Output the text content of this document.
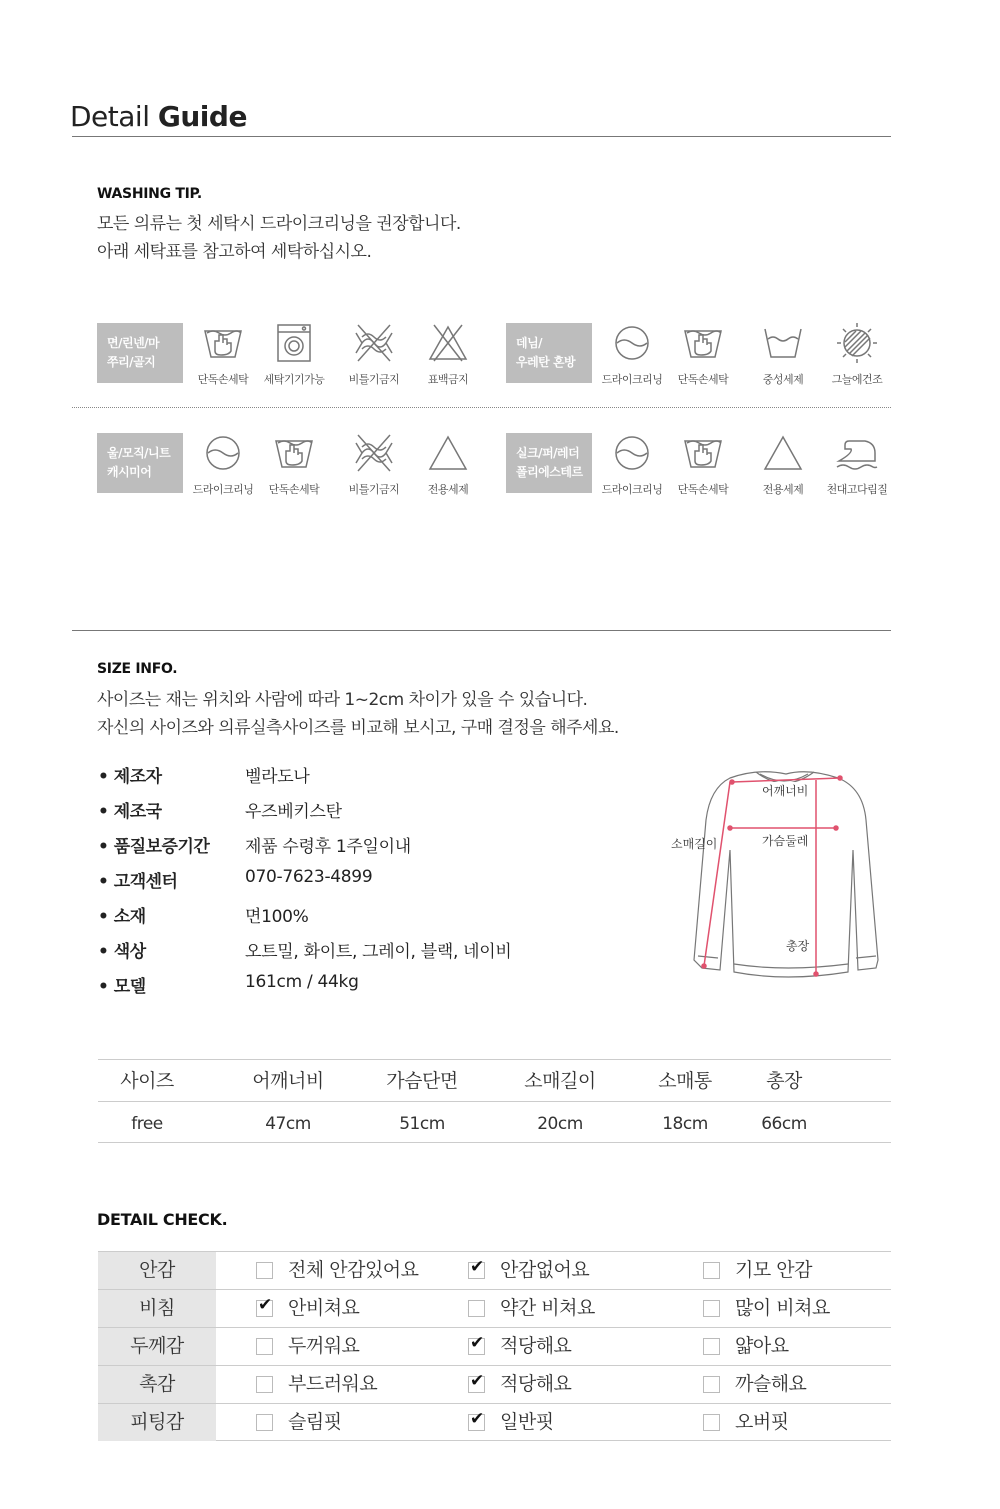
Detail Guide
WASHING TIP.
모든 의류는 첫 세탁시 드라이크리닝을 권장합니다.
아래 세탁표를 참고하여 세탁하십시오.
면/린넨/마
쭈리/골지
단독손세탁	세탁기기가능	비틀기금지	표백금지
데님/
우레탄 혼방
드라이크리닝	단독손세탁	중성세제	그늘에건조
울/모직/니트
캐시미어
드라이크리닝	단독손세탁	비틀기금지	전용세제
실크/퍼/레더
폴리에스테르
드라이크리닝	단독손세탁	전용세제	천대고다림질
SIZE INFO.
사이즈는 재는 위치와 사람에 따라 1~2cm 차이가 있을 수 있습니다.
자신의 사이즈와 의류실측사이즈를 비교해 보시고, 구매 결정을 해주세요.
• 제조자	벨라도나
• 제조국	우즈베키스탄
• 품질보증기간	제품 수령후 1주일이내
• 고객센터	070-7623-4899
• 소재	면100%
• 색상	오트밀, 화이트, 그레이, 블랙, 네이비
• 모델	161cm / 44kg
어깨너비
가슴둘레
소매길이
총장
사이즈	어깨너비	가슴단면	소매길이	소매통	총장
free	47cm	51cm	20cm	18cm	66cm
DETAIL CHECK.
안감	전체 안감있어요	✔ 안감없어요	기모 안감
비침	✔ 안비쳐요	약간 비쳐요	많이 비쳐요
두께감	두꺼워요	✔ 적당해요	얇아요
촉감	부드러워요	✔ 적당해요	까슬해요
피팅감	슬림핏	✔ 일반핏	오버핏
